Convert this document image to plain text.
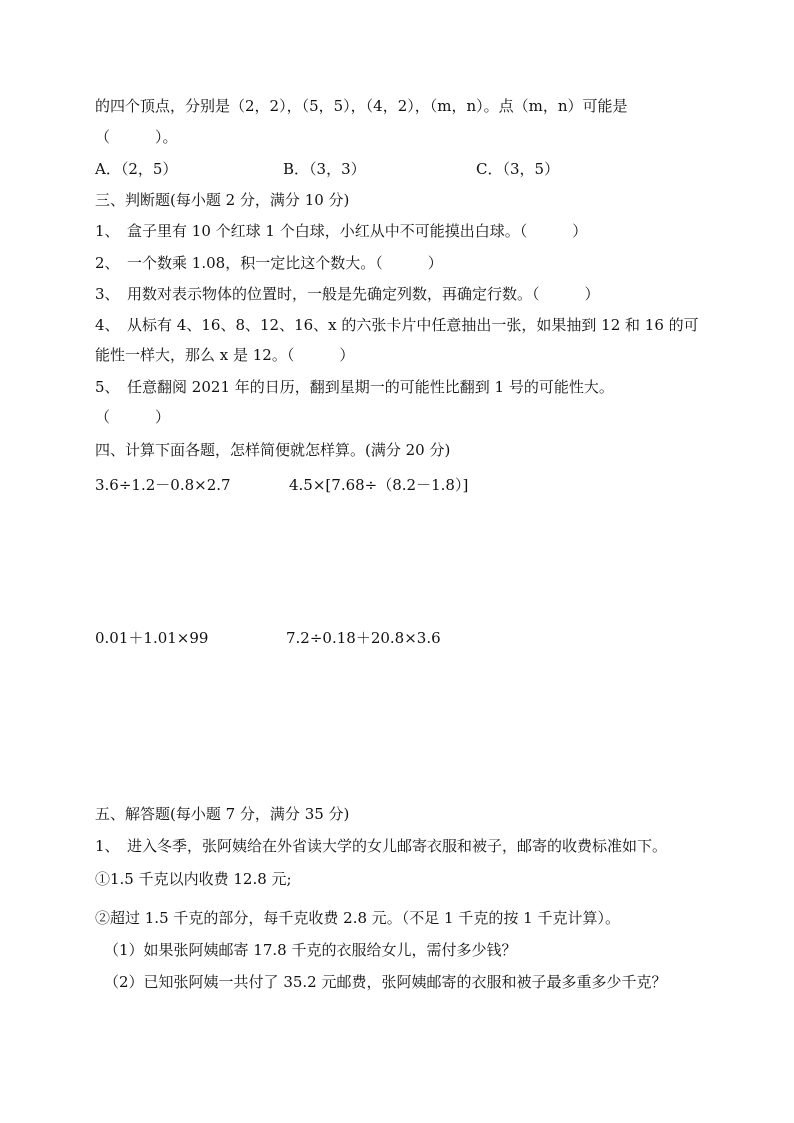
的四个顶点，分别是（2，2），（5，5），（4，2），（m，n）。点（m，n）可能是
（　　　）。
A．（2，5）	B．（3，3）	C．（3，5）
三、判断题(每小题 2 分，满分 10 分)
1、　盒子里有 10 个红球 1 个白球，小红从中不可能摸出白球。（　　　）
2、　一个数乘 1.08，积一定比这个数大。（　　　）
3、　用数对表示物体的位置时，一般是先确定列数，再确定行数。（　　　）
4、　从标有 4、16、8、12、16、x 的六张卡片中任意抽出一张，如果抽到 12 和 16 的可
能性一样大，那么 x 是 12。（　　　）
5、　任意翻阅 2021 年的日历，翻到星期一的可能性比翻到 1 号的可能性大。
（　　　）
四、计算下面各题，怎样简便就怎样算。(满分 20 分)
3.6÷1.2－0.8×2.7	4.5×[7.68÷（8.2－1.8）]
0.01＋1.01×99	7.2÷0.18＋20.8×3.6
五、解答题(每小题 7 分，满分 35 分)
1、　进入冬季，张阿姨给在外省读大学的女儿邮寄衣服和被子，邮寄的收费标准如下。
①1.5 千克以内收费 12.8 元;
②超过 1.5 千克的部分，每千克收费 2.8 元。（不足 1 千克的按 1 千克计算）。
（1）如果张阿姨邮寄 17.8 千克的衣服给女儿，需付多少钱？
（2）已知张阿姨一共付了 35.2 元邮费，张阿姨邮寄的衣服和被子最多重多少千克？
